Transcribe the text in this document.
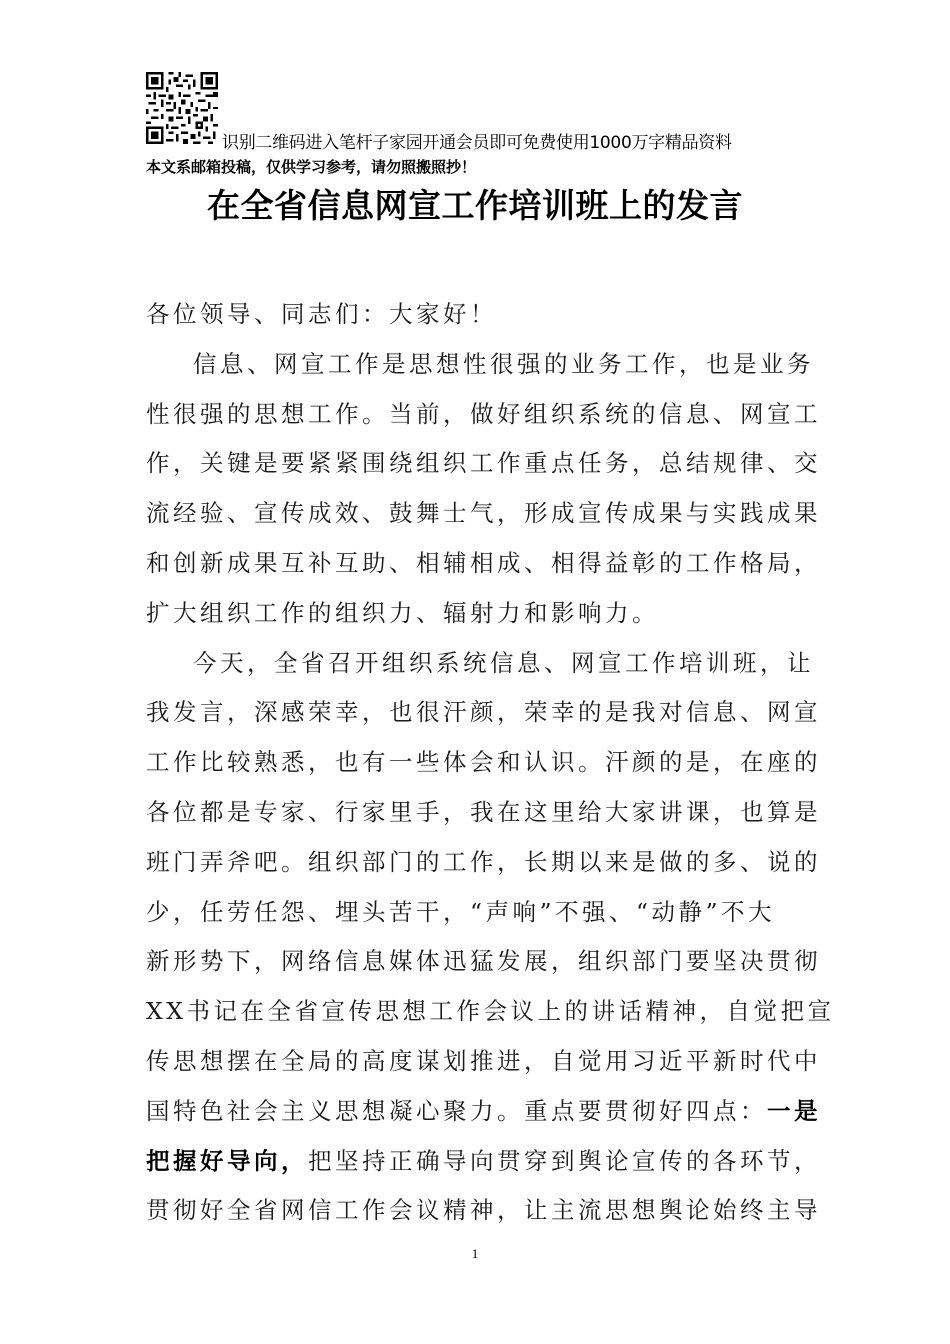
识别二维码进入笔杆子家园开通会员即可免费使用1000万字精品资料
本文系邮箱投稿，仅供学习参考，请勿照搬照抄！
在全省信息网宣工作培训班上的发言

各位领导、同志们：大家好！

信息、网宣工作是思想性很强的业务工作，也是业务
性很强的思想工作。当前，做好组织系统的信息、网宣工
作，关键是要紧紧围绕组织工作重点任务，总结规律、交
流经验、宣传成效、鼓舞士气，形成宣传成果与实践成果
和创新成果互补互助、相辅相成、相得益彰的工作格局，
扩大组织工作的组织力、辐射力和影响力。

今天，全省召开组织系统信息、网宣工作培训班，让
我发言，深感荣幸，也很汗颜，荣幸的是我对信息、网宣
工作比较熟悉，也有一些体会和认识。汗颜的是，在座的
各位都是专家、行家里手，我在这里给大家讲课，也算是
班门弄斧吧。组织部门的工作，长期以来是做的多、说的
少，任劳任怨、埋头苦干，“声响”不强、“动静”不大
新形势下，网络信息媒体迅猛发展，组织部门要坚决贯彻
XX书记在全省宣传思想工作会议上的讲话精神，自觉把宣
传思想摆在全局的高度谋划推进，自觉用习近平新时代中
国特色社会主义思想凝心聚力。重点要贯彻好四点：一是
把握好导向，把坚持正确导向贯穿到舆论宣传的各环节，
贯彻好全省网信工作会议精神，让主流思想舆论始终主导

1
